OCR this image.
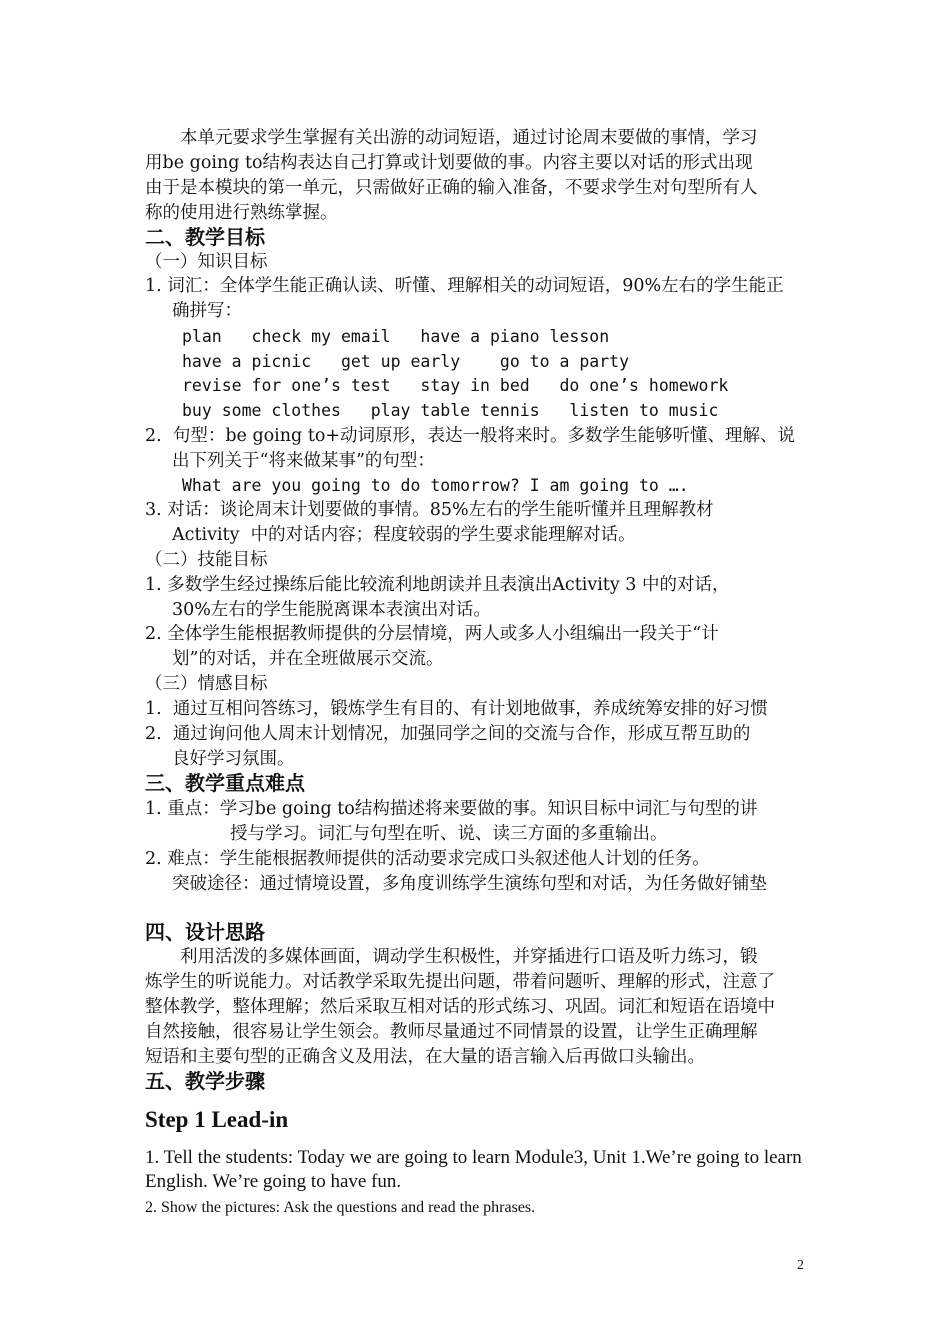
本单元要求学生掌握有关出游的动词短语，通过讨论周末要做的事情，学习
用be going to结构表达自己打算或计划要做的事。内容主要以对话的形式出现
由于是本模块的第一单元，只需做好正确的输入准备，不要求学生对句型所有人
称的使用进行熟练掌握。
二、教学目标
（一）知识目标
1. 词汇：全体学生能正确认读、听懂、理解相关的动词短语，90%左右的学生能正
确拼写：
plan   check my email   have a piano lesson
have a picnic   get up early    go to a party
revise for one’s test   stay in bed   do one’s homework
buy some clothes   play table tennis   listen to music
2.  句型：be going to+动词原形，表达一般将来时。多数学生能够听懂、理解、说
出下列关于“将来做某事”的句型：
What are you going to do tomorrow? I am going to ….
3. 对话：谈论周末计划要做的事情。85%左右的学生能听懂并且理解教材
Activity  中的对话内容；程度较弱的学生要求能理解对话。
（二）技能目标
1. 多数学生经过操练后能比较流利地朗读并且表演出Activity 3 中的对话，
30%左右的学生能脱离课本表演出对话。
2. 全体学生能根据教师提供的分层情境，两人或多人小组编出一段关于“计
划”的对话，并在全班做展示交流。
（三）情感目标
1.  通过互相问答练习，锻炼学生有目的、有计划地做事，养成统筹安排的好习惯
2.  通过询问他人周末计划情况，加强同学之间的交流与合作，形成互帮互助的
良好学习氛围。
三、教学重点难点
1. 重点：学习be going to结构描述将来要做的事。知识目标中词汇与句型的讲
授与学习。词汇与句型在听、说、读三方面的多重输出。
2. 难点：学生能根据教师提供的活动要求完成口头叙述他人计划的任务。
突破途径：通过情境设置，多角度训练学生演练句型和对话，为任务做好铺垫
四、设计思路
利用活泼的多媒体画面，调动学生积极性，并穿插进行口语及听力练习，锻
炼学生的听说能力。对话教学采取先提出问题，带着问题听、理解的形式，注意了
整体教学，整体理解；然后采取互相对话的形式练习、巩固。词汇和短语在语境中
自然接触，很容易让学生领会。教师尽量通过不同情景的设置，让学生正确理解
短语和主要句型的正确含义及用法，在大量的语言输入后再做口头输出。
五、教学步骤
Step 1 Lead-in
1. Tell the students: Today we are going to learn Module3, Unit 1.We’re going to learn
English. We’re going to have fun.
2. Show the pictures: Ask the questions and read the phrases.
2
